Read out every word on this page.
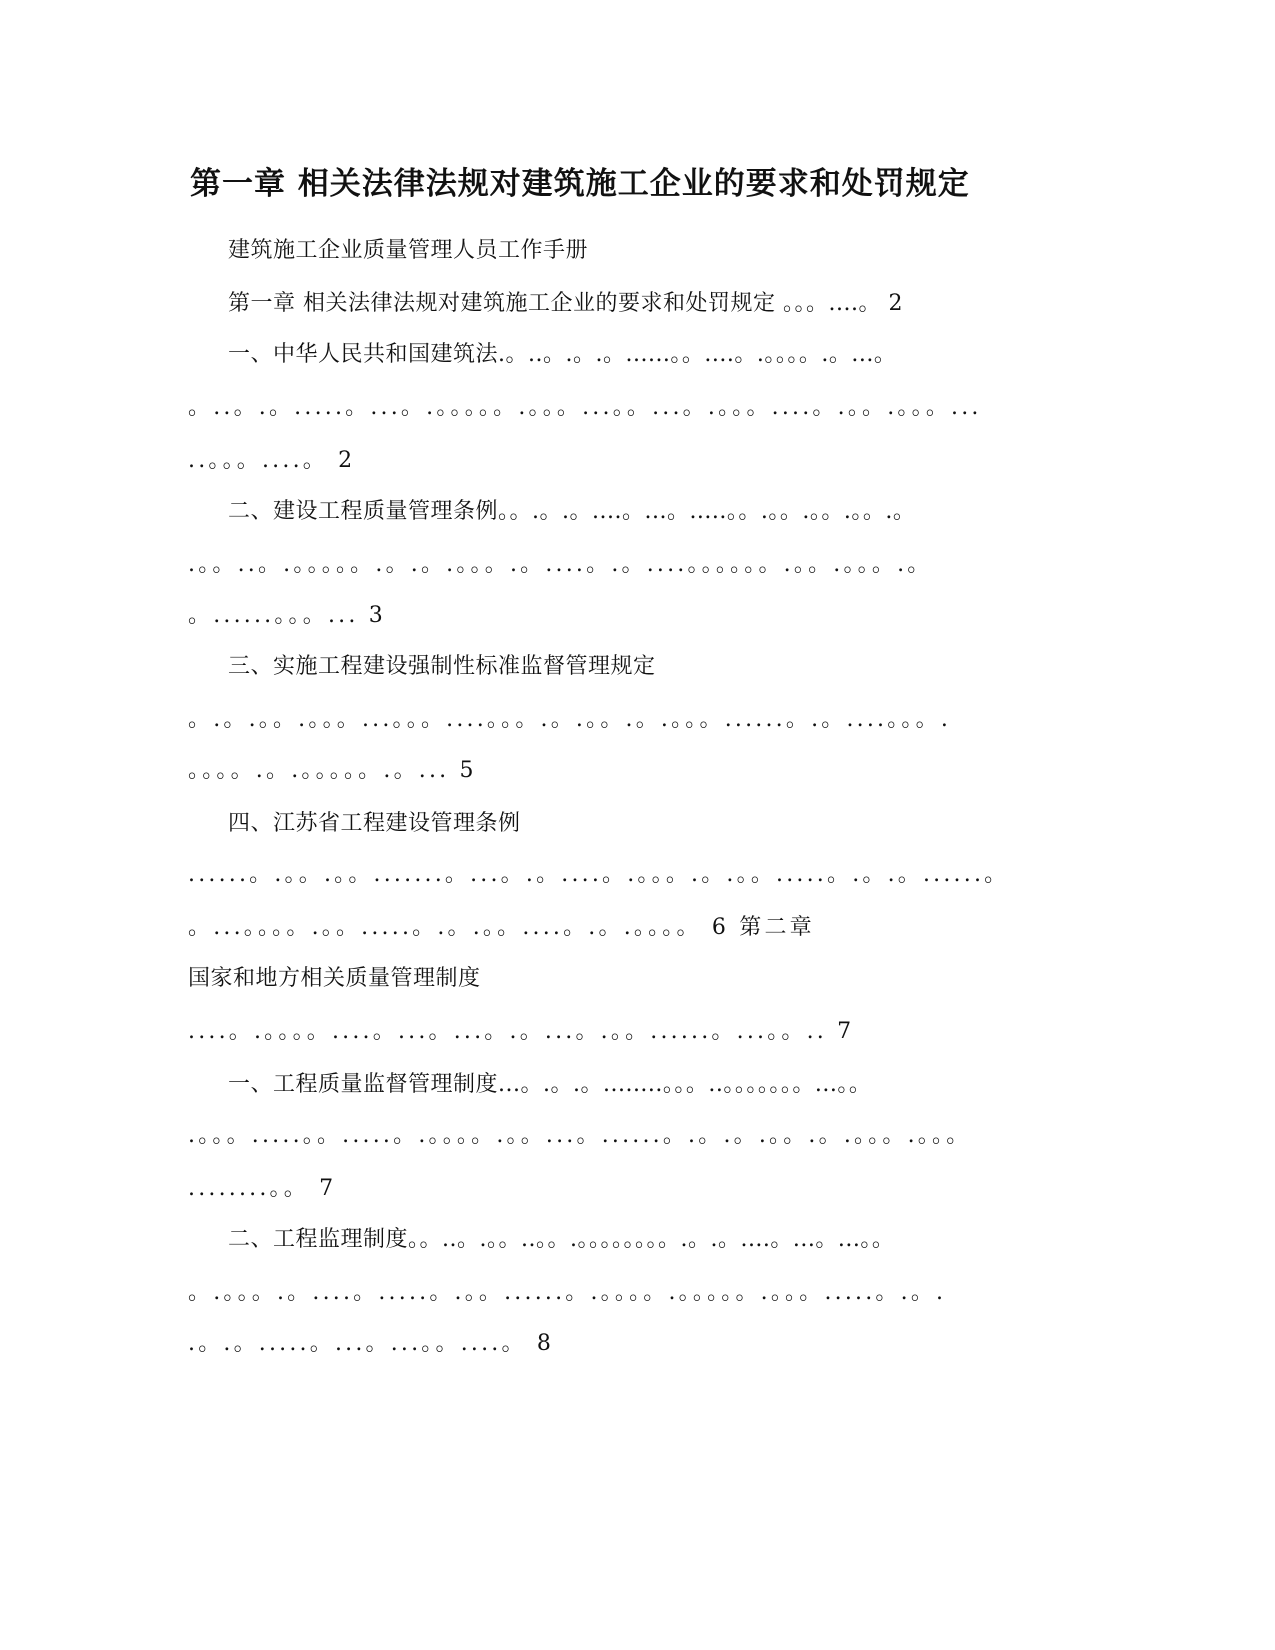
第一章 相关法律法规对建筑施工企业的要求和处罚规定
建筑施工企业质量管理人员工作手册
第一章 相关法律法规对建筑施工企业的要求和处罚规定 。。。....。 2
一、中华人民共和国建筑法.。..。.。.。......。。....。.。。。。.。...。
。..。.。.....。...。.。。。。。.。。。...。。...。.。。。....。.。。.。。。...
..。。。....。 2
二、建设工程质量管理条例。。.。.。....。...。.....。。.。。.。。.。。.。
.。。..。.。。。。。.。.。.。。。.。....。.。....。。。。。。.。。.。。。.。
。......。。。... 3
三、实施工程建设强制性标准监督管理规定
。.。.。。.。。。...。。。....。。。.。.。。.。.。。。......。.。....。。。.
。。。。.。.。。。。。.。... 5
四、江苏省工程建设管理条例
......。.。。.。。.......。...。.。....。.。。。.。.。。.....。.。.。......。
。...。。。。.。。.....。.。.。。....。.。.。。。。 6 第二章
国家和地方相关质量管理制度
....。.。。。。....。...。...。.。...。.。。......。...。。.. 7
一、工程质量监督管理制度...。.。.。........。。。..。。。。。。。...。。
.。。。.....。。.....。.。。。。.。。...。......。.。.。.。。.。.。。。.。。。
........。。 7
二、工程监理制度。。..。.。。..。。.。。。。。。。。.。.。....。...。...。。
。.。。。.。....。.....。.。。......。.。。。。.。。。。。.。。。.....。.。.
.。.。.....。...。...。。....。 8
